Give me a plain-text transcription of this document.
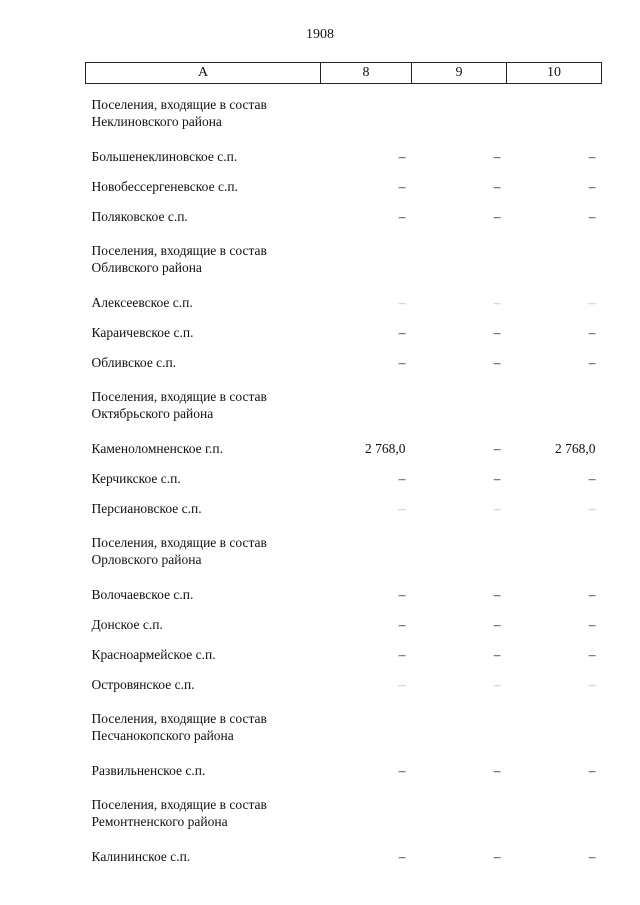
1908
А	8	9	10
Поселения, входящие в состав Неклиновского района			
Большенеклиновское с.п.	–	–	–
Новобессергеневское с.п.	–	–	–
Поляковское с.п.	–	–	–
Поселения, входящие в состав Обливского района			
Алексеевское с.п.	–	–	–
Караичевское с.п.	–	–	–
Обливское с.п.	–	–	–
Поселения, входящие в состав Октябрьского района			
Каменоломненское г.п.	2 768,0	–	2 768,0
Керчикское с.п.	–	–	–
Персиановское с.п.	–	–	–
Поселения, входящие в состав Орловского района			
Волочаевское с.п.	–	–	–
Донское с.п.	–	–	–
Красноармейское с.п.	–	–	–
Островянское с.п.	–	–	–
Поселения, входящие в состав Песчанокопского района			
Развильненское с.п.	–	–	–
Поселения, входящие в состав Ремонтненского района			
Калининское с.п.	–	–	–
